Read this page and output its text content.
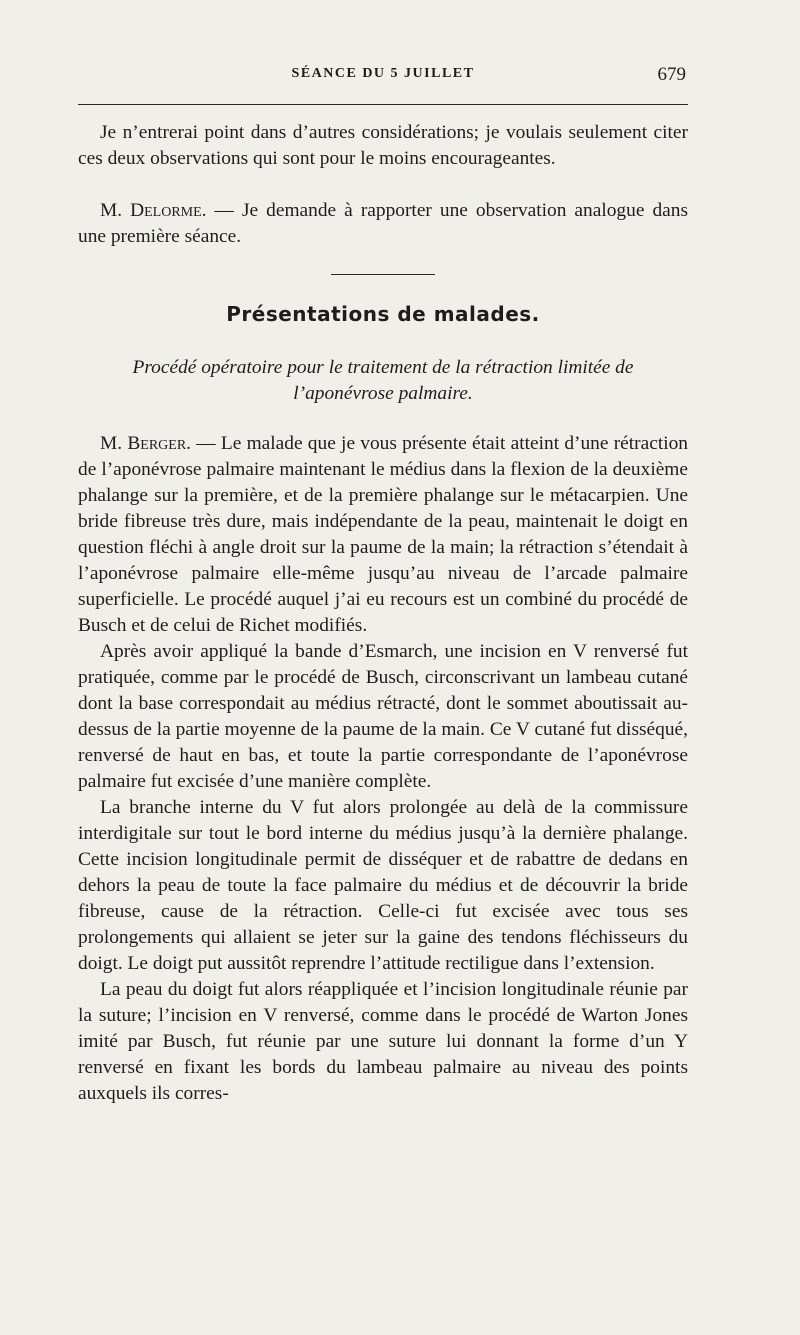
SÉANCE DU 5 JUILLET	679

Je n’entrerai point dans d’autres considérations; je voulais seulement citer ces deux observations qui sont pour le moins encourageantes.

M. Delorme. — Je demande à rapporter une observation analogue dans une première séance.

Présentations de malades.
Procédé opératoire pour le traitement de la rétraction limitée de l’aponévrose palmaire.

M. Berger. — Le malade que je vous présente était atteint d’une rétraction de l’aponévrose palmaire maintenant le médius dans la flexion de la deuxième phalange sur la première, et de la première phalange sur le métacarpien. Une bride fibreuse très dure, mais indépendante de la peau, maintenait le doigt en question fléchi à angle droit sur la paume de la main; la rétraction s’étendait à l’aponévrose palmaire elle-même jusqu’au niveau de l’arcade palmaire superficielle. Le procédé auquel j’ai eu recours est un combiné du procédé de Busch et de celui de Richet modifiés.

Après avoir appliqué la bande d’Esmarch, une incision en V renversé fut pratiquée, comme par le procédé de Busch, circonscrivant un lambeau cutané dont la base correspondait au médius rétracté, dont le sommet aboutissait au-dessus de la partie moyenne de la paume de la main. Ce V cutané fut disséqué, renversé de haut en bas, et toute la partie correspondante de l’aponévrose palmaire fut excisée d’une manière complète.

La branche interne du V fut alors prolongée au delà de la commissure interdigitale sur tout le bord interne du médius jusqu’à la dernière phalange. Cette incision longitudinale permit de disséquer et de rabattre de dedans en dehors la peau de toute la face palmaire du médius et de découvrir la bride fibreuse, cause de la rétraction. Celle-ci fut excisée avec tous ses prolongements qui allaient se jeter sur la gaine des tendons fléchisseurs du doigt. Le doigt put aussitôt reprendre l’attitude rectiligue dans l’extension.

La peau du doigt fut alors réappliquée et l’incision longitudinale réunie par la suture; l’incision en V renversé, comme dans le procédé de Warton Jones imité par Busch, fut réunie par une suture lui donnant la forme d’un Y renversé en fixant les bords du lambeau palmaire au niveau des points auxquels ils corres-
